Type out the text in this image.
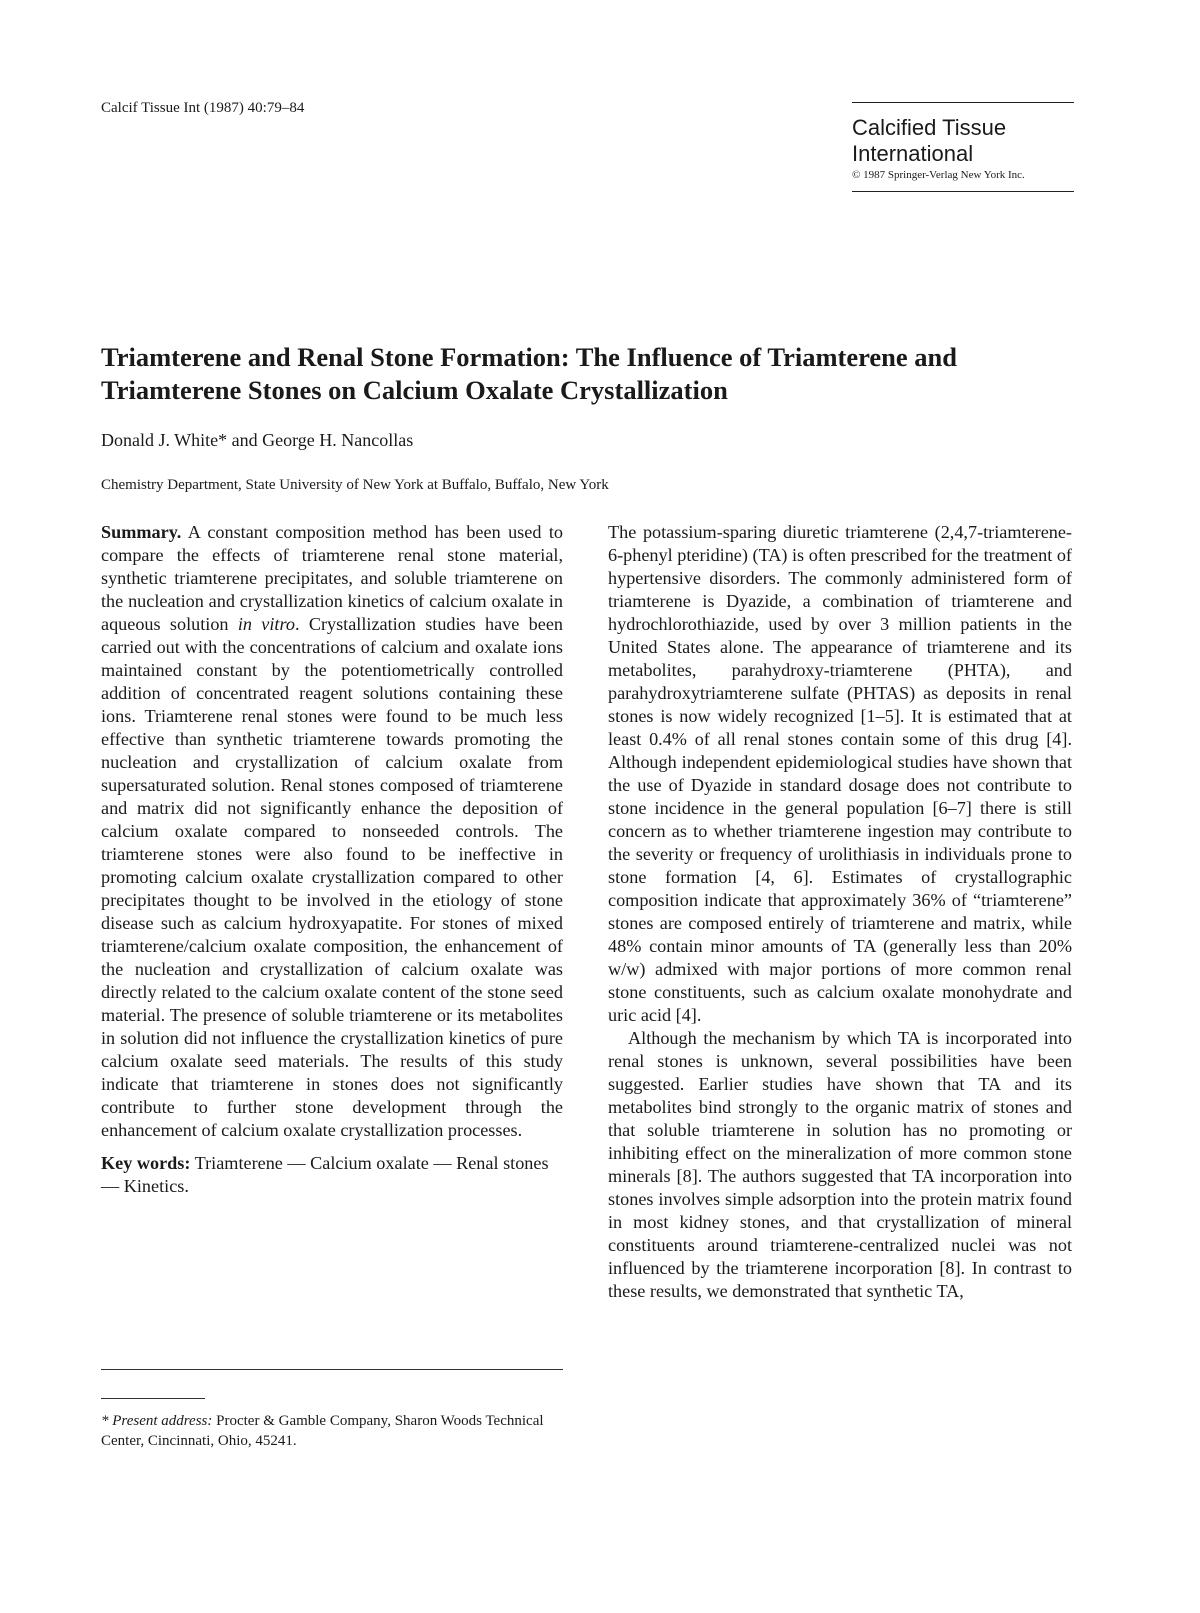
Calcif Tissue Int (1987) 40:79–84
Calcified Tissue
International
© 1987 Springer-Verlag New York Inc.
Triamterene and Renal Stone Formation: The Influence of Triamterene and
Triamterene Stones on Calcium Oxalate Crystallization
Donald J. White* and George H. Nancollas
Chemistry Department, State University of New York at Buffalo, Buffalo, New York

Summary. A constant composition method has been used to compare the effects of triamterene renal stone material, synthetic triamterene precipitates, and soluble triamterene on the nucleation and crystallization kinetics of calcium oxalate in aqueous solution in vitro. Crystallization studies have been carried out with the concentrations of calcium and oxalate ions maintained constant by the potentiometrically controlled addition of concentrated reagent solutions containing these ions. Triamterene renal stones were found to be much less effective than synthetic triamterene towards promoting the nucleation and crystallization of calcium oxalate from supersaturated solution. Renal stones composed of triamterene and matrix did not significantly enhance the deposition of calcium oxalate compared to nonseeded controls. The triamterene stones were also found to be ineffective in promoting calcium oxalate crystallization compared to other precipitates thought to be involved in the etiology of stone disease such as calcium hydroxyapatite. For stones of mixed triamterene/calcium oxalate composition, the enhancement of the nucleation and crystallization of calcium oxalate was directly related to the calcium oxalate content of the stone seed material. The presence of soluble triamterene or its metabolites in solution did not influence the crystallization kinetics of pure calcium oxalate seed materials. The results of this study indicate that triamterene in stones does not significantly contribute to further stone development through the enhancement of calcium oxalate crystallization processes.

Key words: Triamterene — Calcium oxalate — Renal stones — Kinetics.

* Present address: Procter & Gamble Company, Sharon Woods Technical Center, Cincinnati, Ohio, 45241.

The potassium-sparing diuretic triamterene (2,4,7-triamterene-6-phenyl pteridine) (TA) is often prescribed for the treatment of hypertensive disorders. The commonly administered form of triamterene is Dyazide, a combination of triamterene and hydrochlorothiazide, used by over 3 million patients in the United States alone. The appearance of triamterene and its metabolites, parahydroxy-triamterene (PHTA), and parahydroxytriamterene sulfate (PHTAS) as deposits in renal stones is now widely recognized [1–5]. It is estimated that at least 0.4% of all renal stones contain some of this drug [4]. Although independent epidemiological studies have shown that the use of Dyazide in standard dosage does not contribute to stone incidence in the general population [6–7] there is still concern as to whether triamterene ingestion may contribute to the severity or frequency of urolithiasis in individuals prone to stone formation [4, 6]. Estimates of crystallographic composition indicate that approximately 36% of “triamterene” stones are composed entirely of triamterene and matrix, while 48% contain minor amounts of TA (generally less than 20% w/w) admixed with major portions of more common renal stone constituents, such as calcium oxalate monohydrate and uric acid [4].

Although the mechanism by which TA is incorporated into renal stones is unknown, several possibilities have been suggested. Earlier studies have shown that TA and its metabolites bind strongly to the organic matrix of stones and that soluble triamterene in solution has no promoting or inhibiting effect on the mineralization of more common stone minerals [8]. The authors suggested that TA incorporation into stones involves simple adsorption into the protein matrix found in most kidney stones, and that crystallization of mineral constituents around triamterene-centralized nuclei was not influenced by the triamterene incorporation [8]. In contrast to these results, we demonstrated that synthetic TA,
